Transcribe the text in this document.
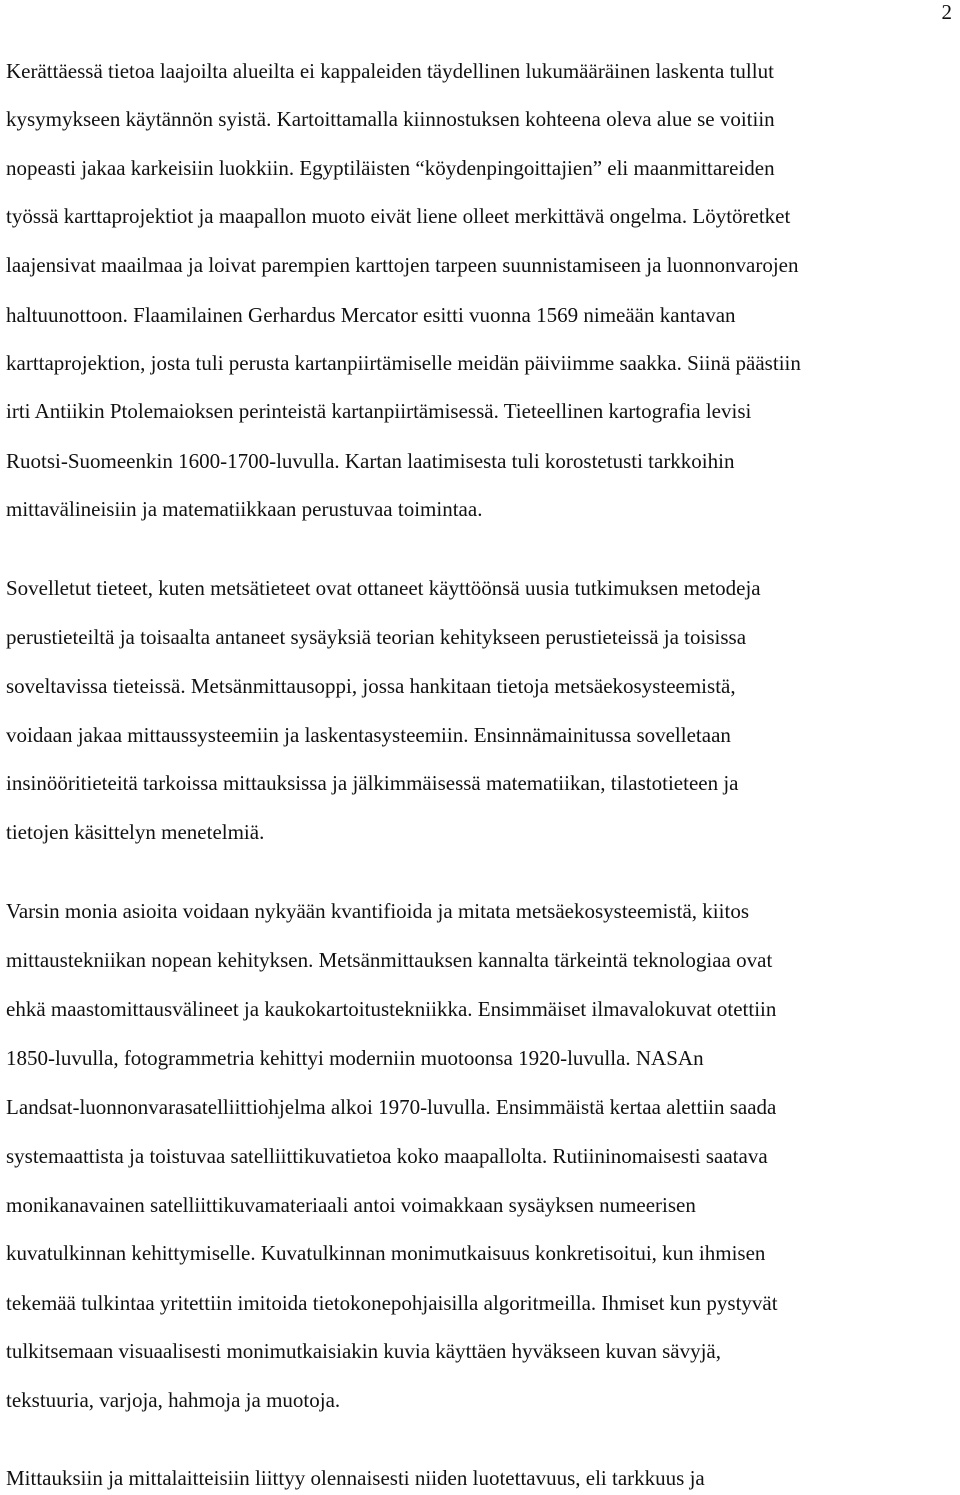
2
Kerättäessä tietoa laajoilta alueilta ei kappaleiden täydellinen lukumääräinen laskenta tullut
kysymykseen käytännön syistä. Kartoittamalla kiinnostuksen kohteena oleva alue se voitiin
nopeasti jakaa karkeisiin luokkiin. Egyptiläisten “köydenpingoittajien” eli maanmittareiden
työssä karttaprojektiot ja maapallon muoto eivät liene olleet merkittävä ongelma. Löytöretket
laajensivat maailmaa ja loivat parempien karttojen tarpeen suunnistamiseen ja luonnonvarojen
haltuunottoon. Flaamilainen Gerhardus Mercator esitti vuonna 1569 nimeään kantavan
karttaprojektion, josta tuli perusta kartanpiirtämiselle meidän päiviimme saakka. Siinä päästiin
irti Antiikin Ptolemaioksen perinteistä kartanpiirtämisessä. Tieteellinen kartografia levisi
Ruotsi-Suomeenkin 1600-1700-luvulla. Kartan laatimisesta tuli korostetusti tarkkoihin
mittavälineisiin ja matematiikkaan perustuvaa toimintaa.
Sovelletut tieteet, kuten metsätieteet ovat ottaneet käyttöönsä uusia tutkimuksen metodeja
perustieteiltä ja toisaalta antaneet sysäyksiä teorian kehitykseen perustieteissä ja toisissa
soveltavissa tieteissä. Metsänmittausoppi, jossa hankitaan tietoja metsäekosysteemistä,
voidaan jakaa mittaussysteemiin ja laskentasysteemiin. Ensinnämainitussa sovelletaan
insinööritieteitä tarkoissa mittauksissa ja jälkimmäisessä matematiikan, tilastotieteen ja
tietojen käsittelyn menetelmiä.
Varsin monia asioita voidaan nykyään kvantifioida ja mitata metsäekosysteemistä, kiitos
mittaustekniikan nopean kehityksen. Metsänmittauksen kannalta tärkeintä teknologiaa ovat
ehkä maastomittausvälineet ja kaukokartoitustekniikka. Ensimmäiset ilmavalokuvat otettiin
1850-luvulla, fotogrammetria kehittyi moderniin muotoonsa 1920-luvulla. NASAn
Landsat-luonnonvarasatelliittiohjelma alkoi 1970-luvulla. Ensimmäistä kertaa alettiin saada
systemaattista ja toistuvaa satelliittikuvatietoa koko maapallolta. Rutiininomaisesti saatava
monikanavainen satelliittikuvamateriaali antoi voimakkaan sysäyksen numeerisen
kuvatulkinnan kehittymiselle. Kuvatulkinnan monimutkaisuus konkretisoitui, kun ihmisen
tekemää tulkintaa yritettiin imitoida tietokonepohjaisilla algoritmeilla. Ihmiset kun pystyvät
tulkitsemaan visuaalisesti monimutkaisiakin kuvia käyttäen hyväkseen kuvan sävyjä,
tekstuuria, varjoja, hahmoja ja muotoja.
Mittauksiin ja mittalaitteisiin liittyy olennaisesti niiden luotettavuus, eli tarkkuus ja
